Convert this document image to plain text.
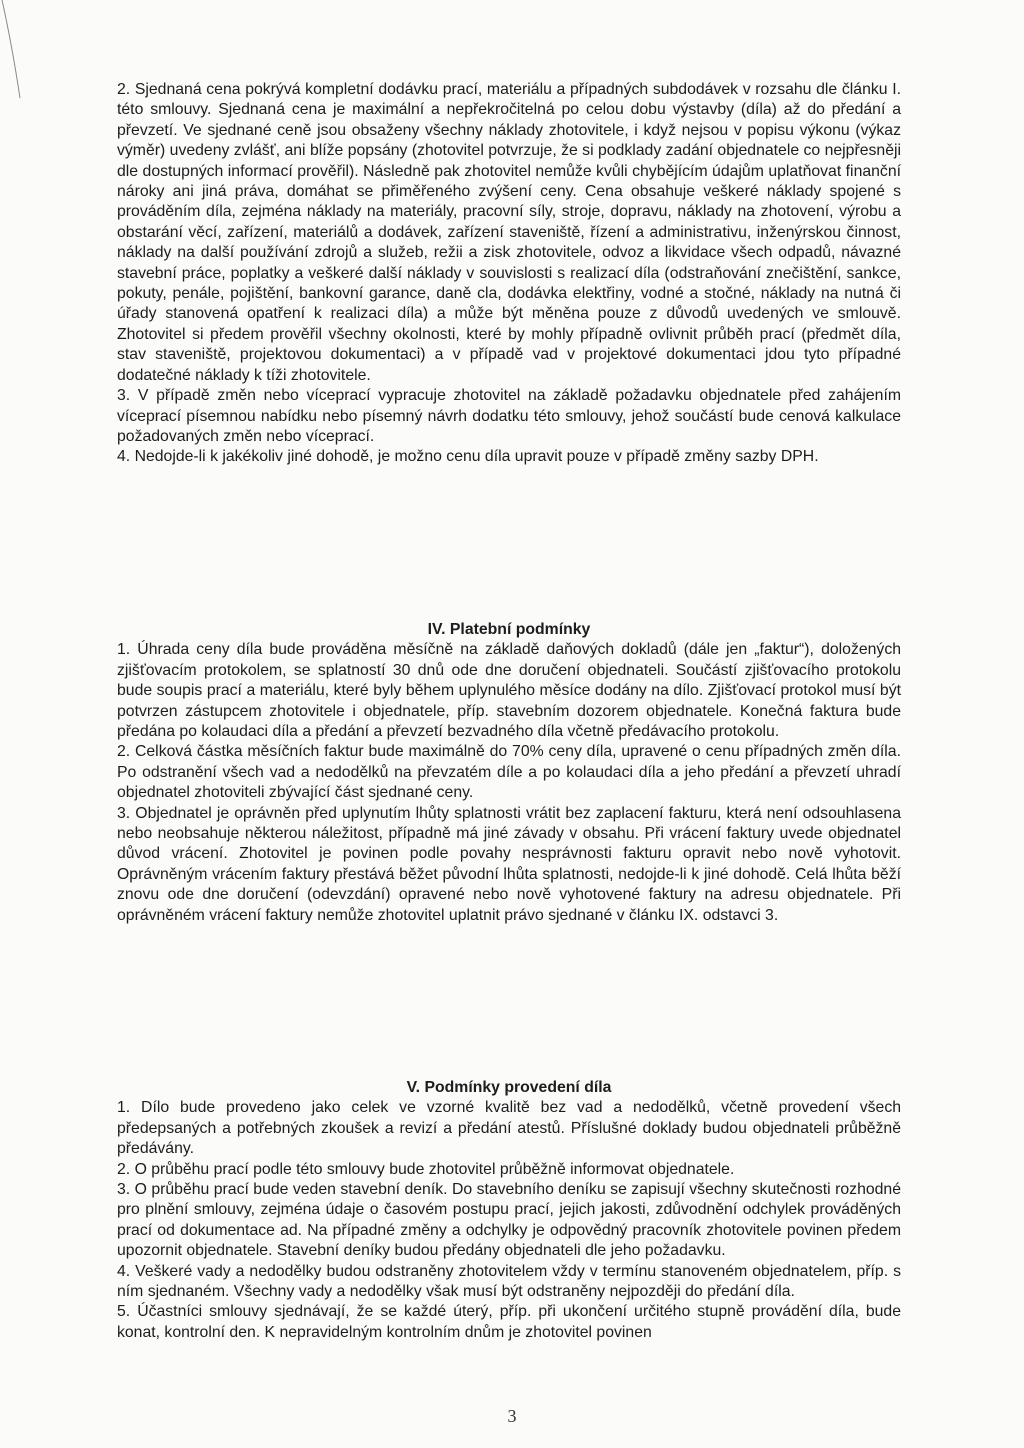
2. Sjednaná cena pokrývá kompletní dodávku prací, materiálu a případných subdodávek v rozsahu dle článku I. této smlouvy. Sjednaná cena je maximální a nepřekročitelná po celou dobu výstavby (díla) až do předání a převzetí. Ve sjednané ceně jsou obsaženy všechny náklady zhotovitele, i když nejsou v popisu výkonu (výkaz výměr) uvedeny zvlášť, ani blíže popsány (zhotovitel potvrzuje, že si podklady zadání objednatele co nejpřesněji dle dostupných informací prověřil). Následně pak zhotovitel nemůže kvůli chybějícím údajům uplatňovat finanční nároky ani jiná práva, domáhat se přiměřeného zvýšení ceny. Cena obsahuje veškeré náklady spojené s prováděním díla, zejména náklady na materiály, pracovní síly, stroje, dopravu, náklady na zhotovení, výrobu a obstarání věcí, zařízení, materiálů a dodávek, zařízení staveniště, řízení a administrativu, inženýrskou činnost, náklady na další používání zdrojů a služeb, režii a zisk zhotovitele, odvoz a likvidace všech odpadů, návazné stavební práce, poplatky a veškeré další náklady v souvislosti s realizací díla (odstraňování znečištění, sankce, pokuty, penále, pojištění, bankovní garance, daně cla, dodávka elektřiny, vodné a stočné, náklady na nutná či úřady stanovená opatření k realizaci díla) a může být měněna pouze z důvodů uvedených ve smlouvě. Zhotovitel si předem prověřil všechny okolnosti, které by mohly případně ovlivnit průběh prací (předmět díla, stav staveniště, projektovou dokumentaci) a v případě vad v projektové dokumentaci jdou tyto případné dodatečné náklady k tíži zhotovitele.

3. V případě změn nebo víceprací vypracuje zhotovitel na základě požadavku objednatele před zahájením víceprací písemnou nabídku nebo písemný návrh dodatku této smlouvy, jehož součástí bude cenová kalkulace požadovaných změn nebo víceprací.

4. Nedojde-li k jakékoliv jiné dohodě, je možno cenu díla upravit pouze v případě změny sazby DPH.

IV. Platební podmínky

1. Úhrada ceny díla bude prováděna měsíčně na základě daňových dokladů (dále jen „faktur“), doložených zjišťovacím protokolem, se splatností 30 dnů ode dne doručení objednateli. Součástí zjišťovacího protokolu bude soupis prací a materiálu, které byly během uplynulého měsíce dodány na dílo. Zjišťovací protokol musí být potvrzen zástupcem zhotovitele i objednatele, příp. stavebním dozorem objednatele. Konečná faktura bude předána po kolaudaci díla a předání a převzetí bezvadného díla včetně předávacího protokolu.

2. Celková částka měsíčních faktur bude maximálně do 70% ceny díla, upravené o cenu případných změn díla. Po odstranění všech vad a nedodělků na převzatém díle a po kolaudaci díla a jeho předání a převzetí uhradí objednatel zhotoviteli zbývající část sjednané ceny.

3. Objednatel je oprávněn před uplynutím lhůty splatnosti vrátit bez zaplacení fakturu, která není odsouhlasena nebo neobsahuje některou náležitost, případně má jiné závady v obsahu. Při vrácení faktury uvede objednatel důvod vrácení. Zhotovitel je povinen podle povahy nesprávnosti fakturu opravit nebo nově vyhotovit. Oprávněným vrácením faktury přestává běžet původní lhůta splatnosti, nedojde-li k jiné dohodě. Celá lhůta běží znovu ode dne doručení (odevzdání) opravené nebo nově vyhotovené faktury na adresu objednatele. Při oprávněném vrácení faktury nemůže zhotovitel uplatnit právo sjednané v článku IX. odstavci 3.

V. Podmínky provedení díla

1. Dílo bude provedeno jako celek ve vzorné kvalitě bez vad a nedodělků, včetně provedení všech předepsaných a potřebných zkoušek a revizí a předání atestů. Příslušné doklady budou objednateli průběžně předávány.

2. O průběhu prací podle této smlouvy bude zhotovitel průběžně informovat objednatele.

3. O průběhu prací bude veden stavební deník. Do stavebního deníku se zapisují všechny skutečnosti rozhodné pro plnění smlouvy, zejména údaje o časovém postupu prací, jejich jakosti, zdůvodnění odchylek prováděných prací od dokumentace ad. Na případné změny a odchylky je odpovědný pracovník zhotovitele povinen předem upozornit objednatele. Stavební deníky budou předány objednateli dle jeho požadavku.

4. Veškeré vady a nedodělky budou odstraněny zhotovitelem vždy v termínu stanoveném objednatelem, příp. s ním sjednaném. Všechny vady a nedodělky však musí být odstraněny nejpozději do předání díla.

5. Účastníci smlouvy sjednávají, že se každé úterý, příp. při ukončení určitého stupně provádění díla, bude konat, kontrolní den. K nepravidelným kontrolním dnům je zhotovitel povinen

3
